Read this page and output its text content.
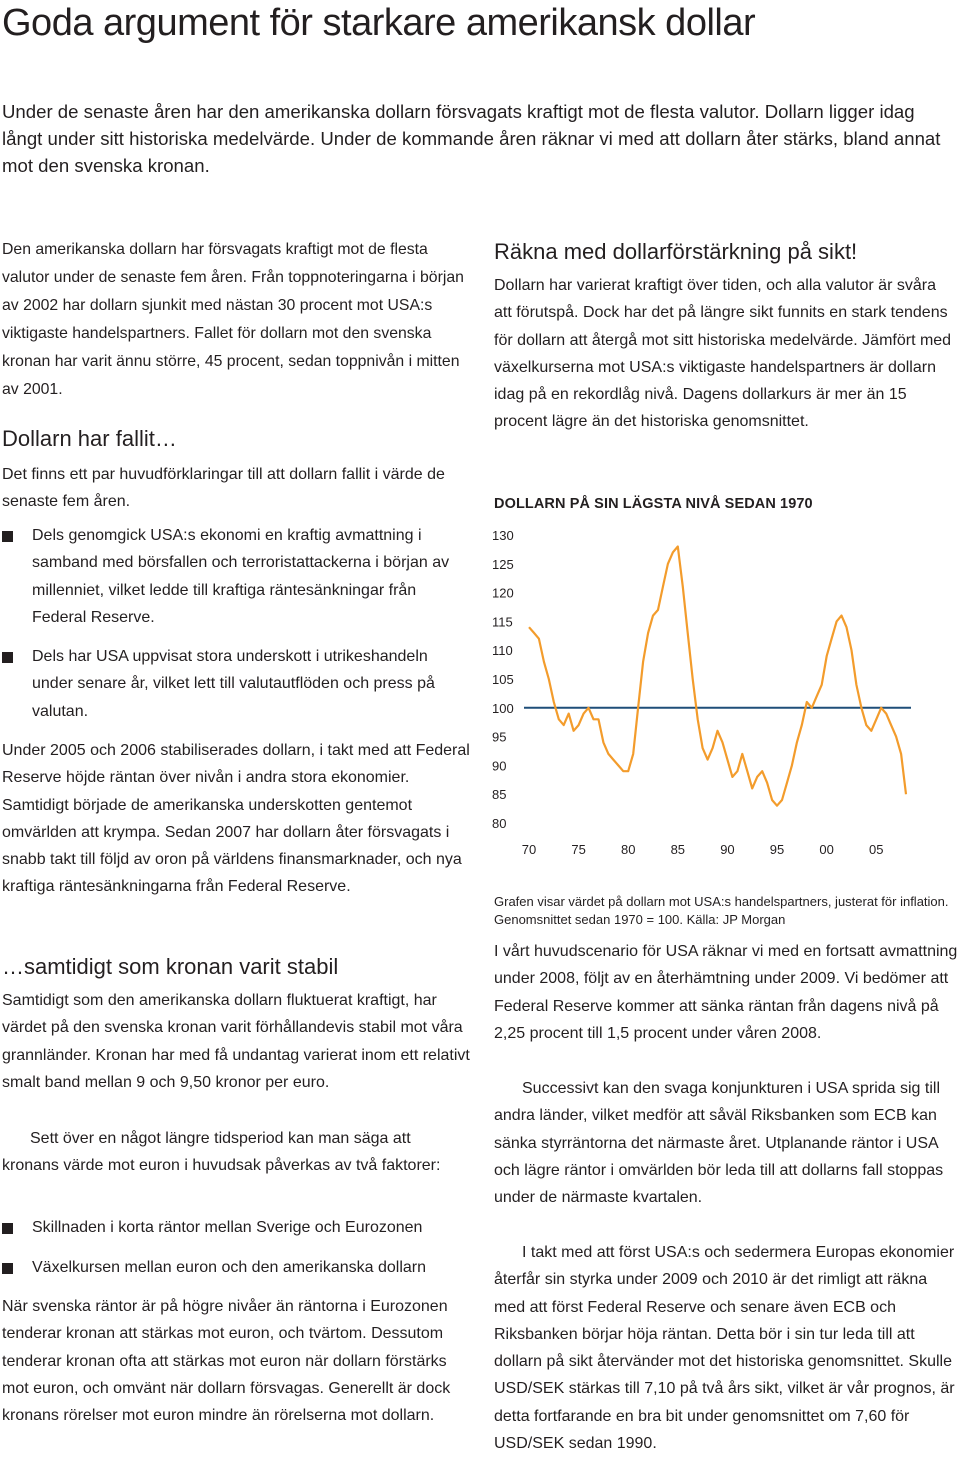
Goda argument för starkare amerikansk dollar

Under de senaste åren har den amerikanska dollarn försvagats kraftigt mot de flesta valutor. Dollarn ligger idag långt under sitt historiska medelvärde. Under de kommande åren räknar vi med att dollarn åter stärks, bland annat mot den svenska kronan.

Den amerikanska dollarn har försvagats kraftigt mot de flesta valutor under de senaste fem åren. Från toppnoteringarna i början av 2002 har dollarn sjunkit med nästan 30 procent mot USA:s viktigaste handelspartners. Fallet för dollarn mot den svenska kronan har varit ännu större, 45 procent, sedan toppnivån i mitten av 2001.

Dollarn har fallit…

Det finns ett par huvudförklaringar till att dollarn fallit i värde de senaste fem åren.

Dels genomgick USA:s ekonomi en kraftig avmattning i samband med börsfallen och terroristattackerna i början av millenniet, vilket ledde till kraftiga räntesänkningar från Federal Reserve.
Dels har USA uppvisat stora underskott i utrikeshandeln under senare år, vilket lett till valutautflöden och press på valutan.

Under 2005 och 2006 stabiliserades dollarn, i takt med att Federal Reserve höjde räntan över nivån i andra stora ekonomier. Samtidigt började de amerikanska underskotten gentemot omvärlden att krympa. Sedan 2007 har dollarn åter försvagats i snabb takt till följd av oron på världens finansmarknader, och nya kraftiga räntesänkningarna från Federal Reserve.

…samtidigt som kronan varit stabil

Samtidigt som den amerikanska dollarn fluktuerat kraftigt, har värdet på den svenska kronan varit förhållandevis stabil mot våra grannländer. Kronan har med få undantag varierat inom ett relativt smalt band mellan 9 och 9,50 kronor per euro.

Sett över en något längre tidsperiod kan man säga att kronans värde mot euron i huvudsak påverkas av två faktorer:

Skillnaden i korta räntor mellan Sverige och Eurozonen
Växelkursen mellan euron och den amerikanska dollarn

När svenska räntor är på högre nivåer än räntorna i Eurozonen tenderar kronan att stärkas mot euron, och tvärtom. Dessutom tenderar kronan ofta att stärkas mot euron när dollarn förstärks mot euron, och omvänt när dollarn försvagas. Generellt är dock kronans rörelser mot euron mindre än rörelserna mot dollarn.

Räkna med dollarförstärkning på sikt!

Dollarn har varierat kraftigt över tiden, och alla valutor är svåra att förutspå. Dock har det på längre sikt funnits en stark tendens för dollarn att återgå mot sitt historiska medelvärde. Jämfört med växelkurserna mot USA:s viktigaste handelspartners är dollarn idag på en rekordlåg nivå. Dagens dollarkurs är mer än 15 procent lägre än det historiska genomsnittet.

DOLLARN PÅ SIN LÄGSTA NIVÅ SEDAN 1970
130
125
120
115
110
105
100
95
90
85
80
70	75	80	85	90	95	00	05

Grafen visar värdet på dollarn mot USA:s handelspartners, justerat för inflation. Genomsnittet sedan 1970 = 100. Källa: JP Morgan

I vårt huvudscenario för USA räknar vi med en fortsatt avmattning under 2008, följt av en återhämtning under 2009. Vi bedömer att Federal Reserve kommer att sänka räntan från dagens nivå på 2,25 procent till 1,5 procent under våren 2008.

Successivt kan den svaga konjunkturen i USA sprida sig till andra länder, vilket medför att såväl Riksbanken som ECB kan sänka styrräntorna det närmaste året. Utplanande räntor i USA och lägre räntor i omvärlden bör leda till att dollarns fall stoppas under de närmaste kvartalen.

I takt med att först USA:s och sedermera Europas ekonomier återfår sin styrka under 2009 och 2010 är det rimligt att räkna med att först Federal Reserve och senare även ECB och Riksbanken börjar höja räntan. Detta bör i sin tur leda till att dollarn på sikt återvänder mot det historiska genomsnittet. Skulle USD/SEK stärkas till 7,10 på två års sikt, vilket är vår prognos, är detta fortfarande en bra bit under genomsnittet om 7,60 för USD/SEK sedan 1990.
